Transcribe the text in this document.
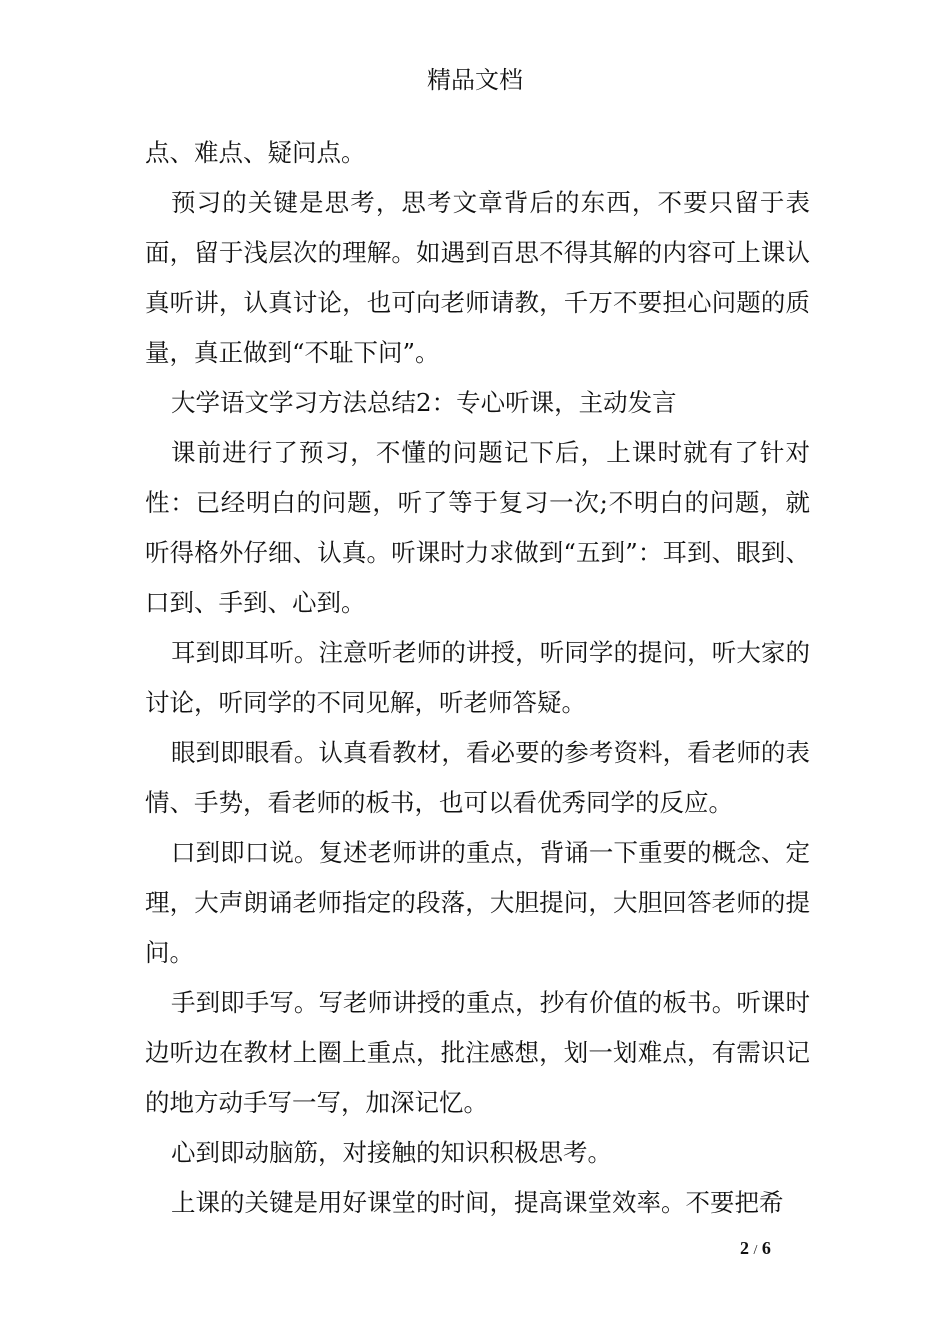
精品文档

点、难点、疑问点。

预习的关键是思考，思考文章背后的东西，不要只留于表面，留于浅层次的理解。如遇到百思不得其解的内容可上课认真听讲，认真讨论，也可向老师请教，千万不要担心问题的质量，真正做到“不耻下问”。

大学语文学习方法总结2：专心听课，主动发言

课前进行了预习，不懂的问题记下后，上课时就有了针对性：已经明白的问题，听了等于复习一次;不明白的问题，就听得格外仔细、认真。听课时力求做到“五到”：耳到、眼到、口到、手到、心到。

耳到即耳听。注意听老师的讲授，听同学的提问，听大家的讨论，听同学的不同见解，听老师答疑。

眼到即眼看。认真看教材，看必要的参考资料，看老师的表情、手势，看老师的板书，也可以看优秀同学的反应。

口到即口说。复述老师讲的重点，背诵一下重要的概念、定理，大声朗诵老师指定的段落，大胆提问，大胆回答老师的提问。

手到即手写。写老师讲授的重点，抄有价值的板书。听课时边听边在教材上圈上重点，批注感想，划一划难点，有需识记的地方动手写一写，加深记忆。

心到即动脑筋，对接触的知识积极思考。

上课的关键是用好课堂的时间，提高课堂效率。不要把希

2 / 6
